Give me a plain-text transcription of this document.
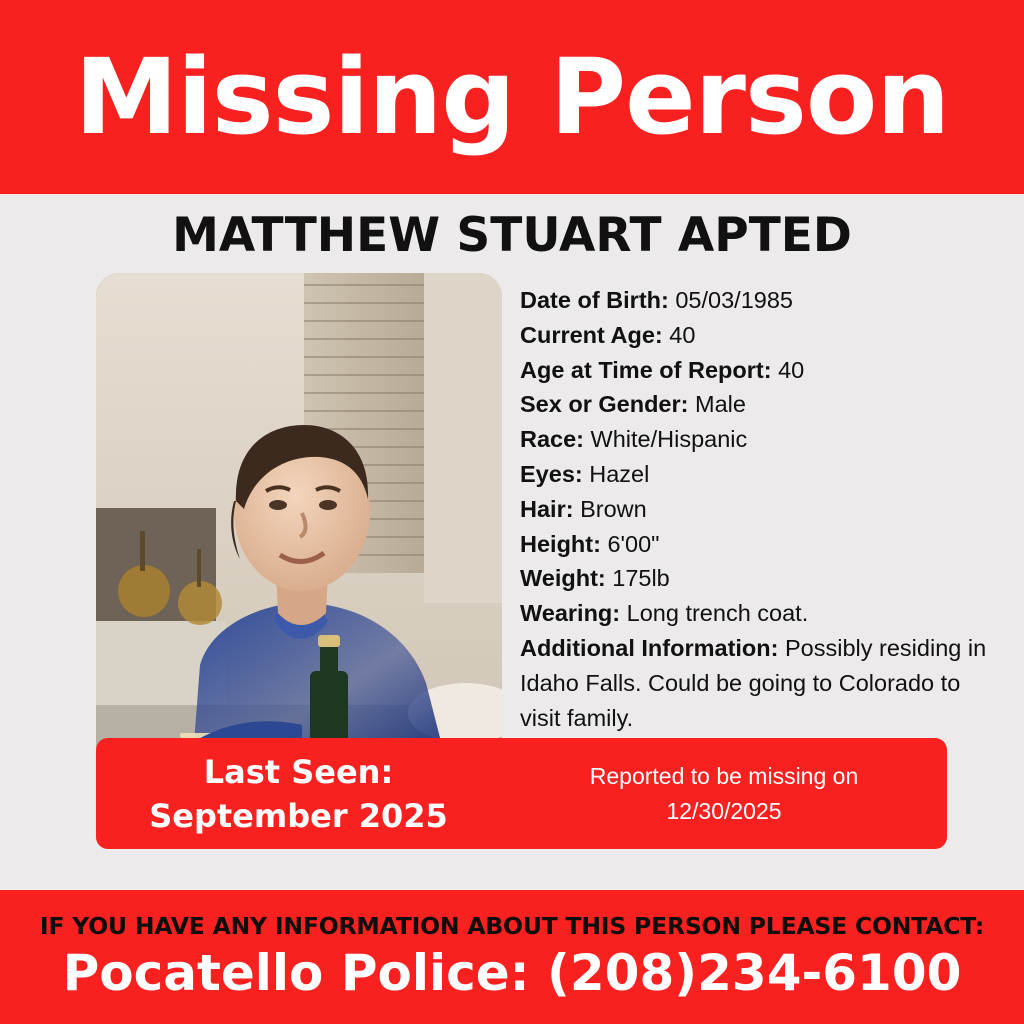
Missing Person
MATTHEW STUART APTED
Date of Birth: 05/03/1985
Current Age: 40
Age at Time of Report: 40
Sex or Gender: Male
Race: White/Hispanic
Eyes: Hazel
Hair: Brown
Height: 6'00"
Weight: 175lb
Wearing: Long trench coat.
Additional Information: Possibly residing in Idaho Falls. Could be going to Colorado to visit family.
Last Seen:
September 2025
Reported to be missing on
12/30/2025
IF YOU HAVE ANY INFORMATION ABOUT THIS PERSON PLEASE CONTACT:
Pocatello Police: (208)234-6100
